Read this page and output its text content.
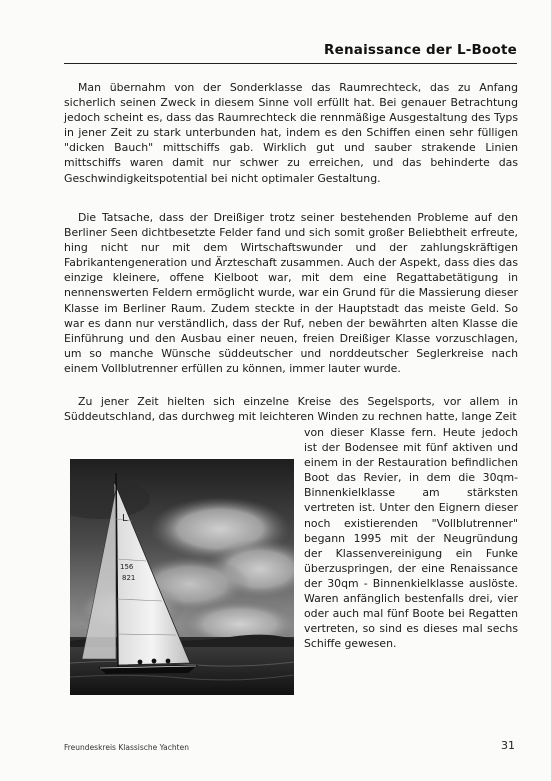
Renaissance der L-Boote

Man übernahm von der Sonderklasse das Raumrechteck, das zu Anfang sicherlich seinen Zweck in diesem Sinne voll erfüllt hat. Bei genauer Betrachtung jedoch scheint es, dass das Raumrechteck die rennmäßige Ausgestaltung des Typs in jener Zeit zu stark unterbunden hat, indem es den Schiffen einen sehr fülligen "dicken Bauch" mittschiffs gab. Wirklich gut und sauber strakende Linien mittschiffs waren damit nur schwer zu erreichen, und das behinderte das Geschwindigkeitspotential bei nicht optimaler Gestaltung.

Die Tatsache, dass der Dreißiger trotz seiner bestehenden Probleme auf den Berliner Seen dichtbesetzte Felder fand und sich somit großer Beliebtheit erfreute, hing nicht nur mit dem Wirtschaftswunder und der zahlungskräftigen Fabrikantengeneration und Ärzteschaft zusammen. Auch der Aspekt, dass dies das einzige kleinere, offene Kielboot war, mit dem eine Regattabetätigung in nennenswerten Feldern ermöglicht wurde, war ein Grund für die Massierung dieser Klasse im Berliner Raum. Zudem steckte in der Hauptstadt das meiste Geld. So war es dann nur verständlich, dass der Ruf, neben der bewährten alten Klasse die Einführung und den Ausbau einer neuen, freien Dreißiger Klasse vorzuschlagen, um so manche Wünsche süddeutscher und norddeutscher Seglerkreise nach einem Vollblutrenner erfüllen zu können, immer lauter wurde.

Zu jener Zeit hielten sich einzelne Kreise des Segelsports, vor allem in Süddeutschland, das durchweg mit leichteren Winden zu rechnen hatte, lange Zeit

L
156
821

von dieser Klasse fern. Heute jedoch ist der Bodensee mit fünf aktiven und einem in der Restauration befindlichen Boot das Revier, in dem die 30qm-Binnenkielklasse am stärksten vertreten ist. Unter den Eignern dieser noch existierenden "Vollblutrenner" begann 1995 mit der Neugründung der Klassenvereinigung ein Funke überzuspringen, der eine Renaissance der 30qm - Binnenkielklasse auslöste. Waren anfänglich bestenfalls drei, vier oder auch mal fünf Boote bei Regatten vertreten, so sind es dieses mal sechs Schiffe gewesen.

Freundeskreis Klassische Yachten	31
